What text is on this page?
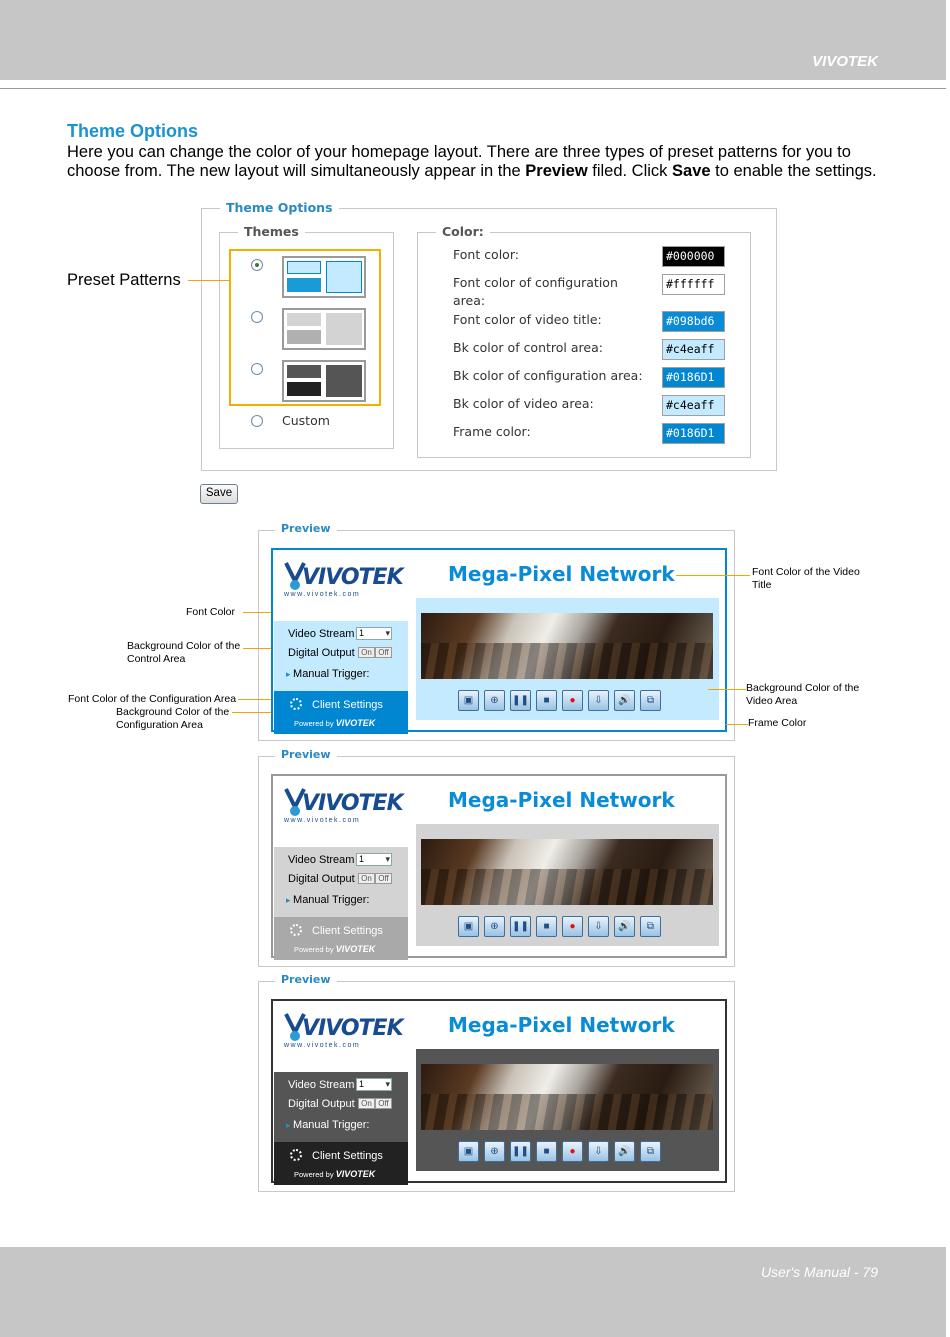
VIVOTEK
Theme Options
Here you can change the color of your homepage layout. There are three types of preset patterns for you to choose from. The new layout will simultaneously appear in the Preview filed. Click Save to enable the settings.
Theme Options
Themes	Color:
Preset Patterns
Custom
Font color:	#000000
Font color of configuration area:
#ffffff
Font color of video title:	#098bd6
Bk color of control area:	#c4eaff
Bk color of configuration area:	#0186D1
Bk color of video area:	#c4eaff
Frame color:	#0186D1
Save
Preview
VIVOTEK
www.vivotek.com
Mega-Pixel Network
Video Stream 1 ▾
Digital Output On Off
▸ Manual Trigger:
Client Settings
Powered by VIVOTEK
▣	⊕	❚❚	■	●	⇩	🔊	⧉
Preview
VIVOTEK
www.vivotek.com
Mega-Pixel Network
Video Stream 1 ▾
Digital Output On Off
▸ Manual Trigger:
Client Settings
Powered by VIVOTEK
▣	⊕	❚❚	■	●	⇩	🔊	⧉
Preview
VIVOTEK
www.vivotek.com
Mega-Pixel Network
Video Stream 1 ▾
Digital Output On Off
▸ Manual Trigger:
Client Settings
Powered by VIVOTEK
▣	⊕	❚❚	■	●	⇩	🔊	⧉
Font Color
Background Color of the Control Area
Font Color of the Configuration Area
Background Color of the Configuration Area
Font Color of the Video Title
Background Color of the Video Area
Frame Color
User's Manual - 79
